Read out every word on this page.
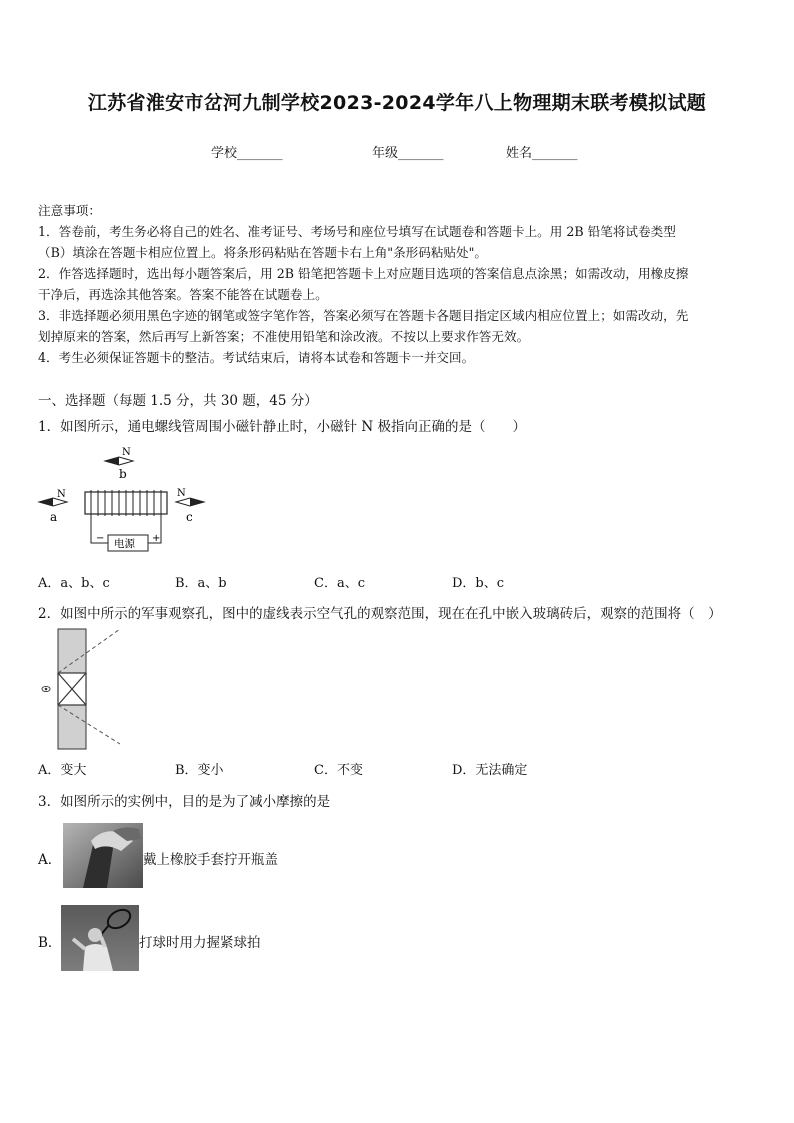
江苏省淮安市岔河九制学校2023-2024学年八上物理期末联考模拟试题
学校_______	年级_______	姓名_______
注意事项：
1．答卷前，考生务必将自己的姓名、准考证号、考场号和座位号填写在试题卷和答题卡上。用 2B 铅笔将试卷类型
（B）填涂在答题卡相应位置上。将条形码粘贴在答题卡右上角"条形码粘贴处"。
2．作答选择题时，选出每小题答案后，用 2B 铅笔把答题卡上对应题目选项的答案信息点涂黑；如需改动，用橡皮擦
干净后，再选涂其他答案。答案不能答在试题卷上。
3．非选择题必须用黑色字迹的钢笔或签字笔作答，答案必须写在答题卡各题目指定区域内相应位置上；如需改动，先
划掉原来的答案，然后再写上新答案；不准使用铅笔和涂改液。不按以上要求作答无效。
4．考生必须保证答题卡的整洁。考试结束后，请将本试卷和答题卡一并交回。
一、选择题（每题 1.5 分，共 30 题，45 分）
1．如图所示，通电螺线管周围小磁针静止时，小磁针 N 极指向正确的是（　　）
N
b
N
a
N
c
电源
−	+
A．a、b、c	B．a、b	C．a、c	D．b、c
2．如图中所示的军事观察孔，图中的虚线表示空气孔的观察范围，现在在孔中嵌入玻璃砖后，观察的范围将（　）
A．变大	B．变小	C．不变	D．无法确定
3．如图所示的实例中，目的是为了减小摩擦的是
A．	戴上橡胶手套拧开瓶盖
B．	打球时用力握紧球拍
